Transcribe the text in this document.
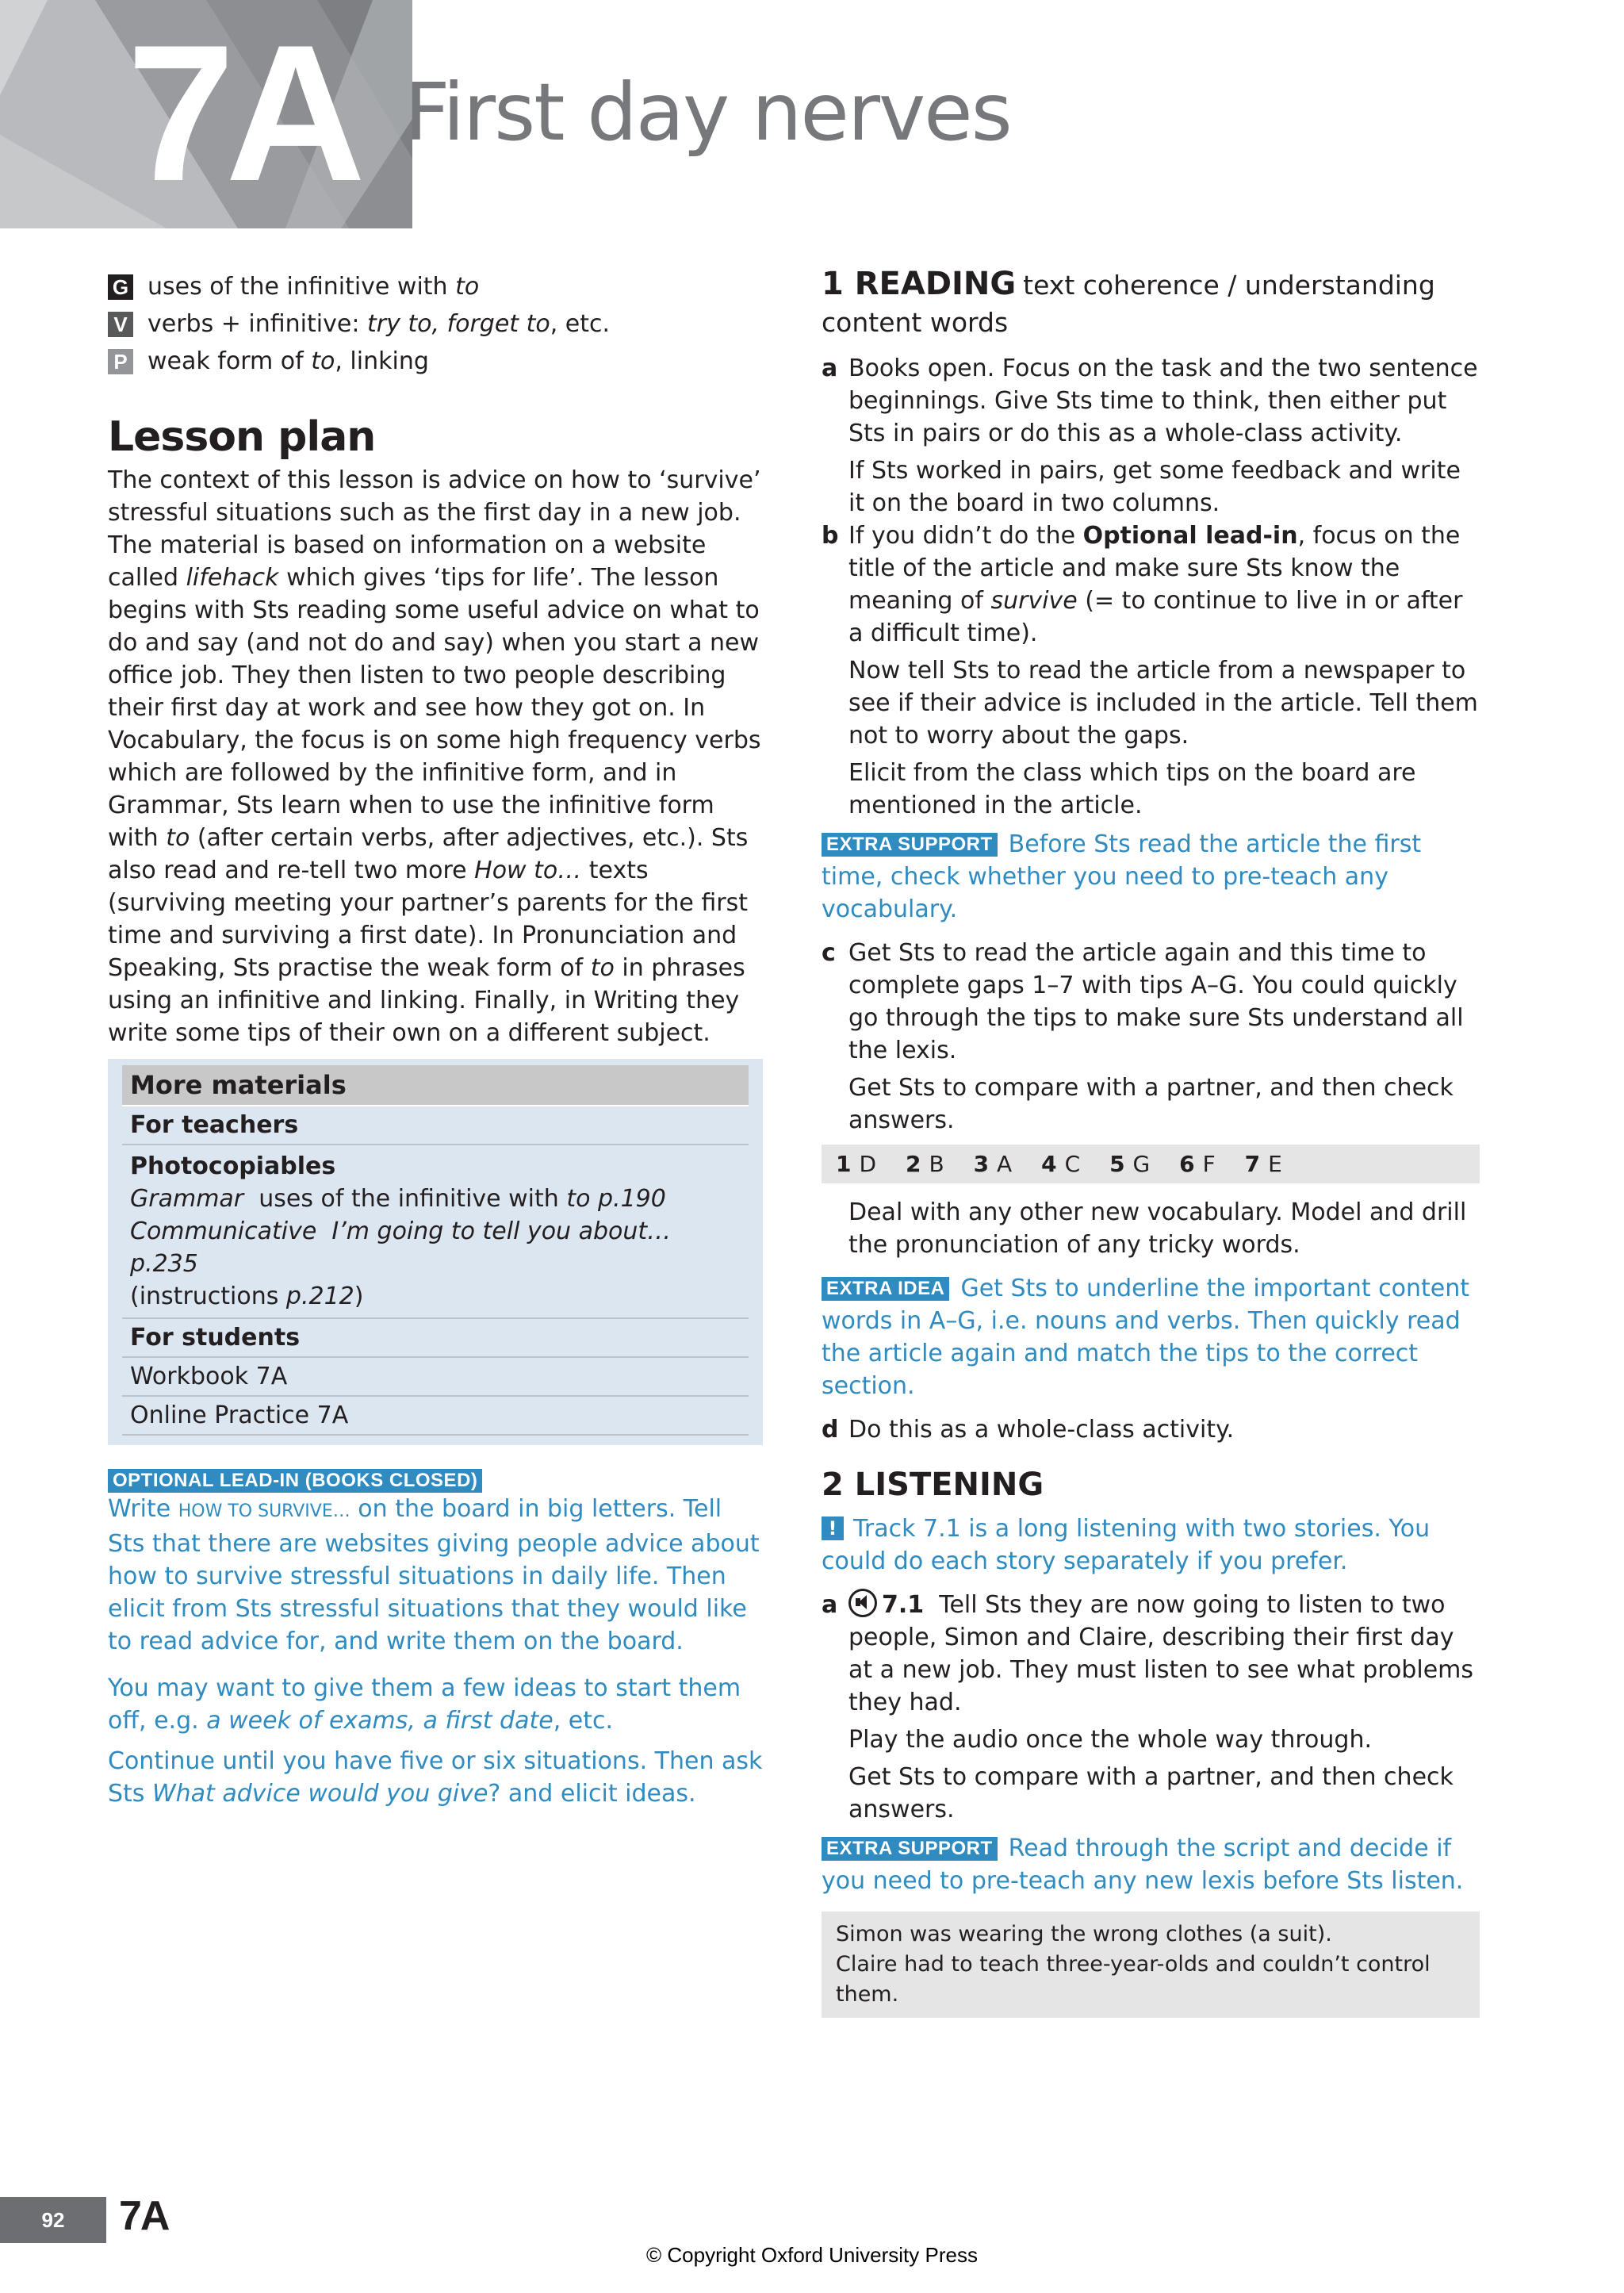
7A First day nerves
G uses of the infinitive with to
V verbs + infinitive: try to, forget to, etc.
P weak form of to, linking
Lesson plan

The context of this lesson is advice on how to ‘survive’ stressful situations such as the first day in a new job. The material is based on information on a website called lifehack which gives ‘tips for life’. The lesson begins with Sts reading some useful advice on what to do and say (and not do and say) when you start a new office job. They then listen to two people describing their first day at work and see how they got on. In Vocabulary, the focus is on some high frequency verbs which are followed by the infinitive form, and in Grammar, Sts learn when to use the infinitive form with to (after certain verbs, after adjectives, etc.). Sts also read and re-tell two more How to… texts (surviving meeting your partner’s parents for the first time and surviving a first date). In Pronunciation and Speaking, Sts practise the weak form of to in phrases using an infinitive and linking. Finally, in Writing they write some tips of their own on a different subject.

More materials
For teachers
Photocopiables
Grammar uses of the infinitive with to p.190
Communicative I’m going to tell you about… p.235
(instructions p.212)
For students
Workbook 7A
Online Practice 7A
OPTIONAL LEAD-IN (BOOKS CLOSED)

Write HOW TO SURVIVE… on the board in big letters. Tell Sts that there are websites giving people advice about how to survive stressful situations in daily life. Then elicit from Sts stressful situations that they would like to read advice for, and write them on the board.

You may want to give them a few ideas to start them off, e.g. a week of exams, a first date, etc.

Continue until you have five or six situations. Then ask Sts What advice would you give? and elicit ideas.

1 READING text coherence / understanding content words
a Books open. Focus on the task and the two sentence beginnings. Give Sts time to think, then either put Sts in pairs or do this as a whole-class activity.

If Sts worked in pairs, get some feedback and write it on the board in two columns.

b If you didn’t do the Optional lead-in, focus on the title of the article and make sure Sts know the meaning of survive (= to continue to live in or after a difficult time).

Now tell Sts to read the article from a newspaper to see if their advice is included in the article. Tell them not to worry about the gaps.

Elicit from the class which tips on the board are mentioned in the article.

EXTRA SUPPORT Before Sts read the article the first time, check whether you need to pre-teach any vocabulary.

c Get Sts to read the article again and this time to complete gaps 1–7 with tips A–G. You could quickly go through the tips to make sure Sts understand all the lexis.

Get Sts to compare with a partner, and then check answers.

1 D 2 B 3 A 4 C 5 G 6 F 7 E

Deal with any other new vocabulary. Model and drill the pronunciation of any tricky words.

EXTRA IDEA Get Sts to underline the important content words in A–G, i.e. nouns and verbs. Then quickly read the article again and match the tips to the correct section.

d Do this as a whole-class activity.

2 LISTENING

! Track 7.1 is a long listening with two stories. You could do each story separately if you prefer.

a	7.1 Tell Sts they are now going to listen to two people, Simon and Claire, describing their first day at a new job. They must listen to see what problems they had.

Play the audio once the whole way through.

Get Sts to compare with a partner, and then check answers.

EXTRA SUPPORT Read through the script and decide if you need to pre-teach any new lexis before Sts listen.

Simon was wearing the wrong clothes (a suit).
Claire had to teach three-year-olds and couldn’t control them.
92	7A
© Copyright Oxford University Press
